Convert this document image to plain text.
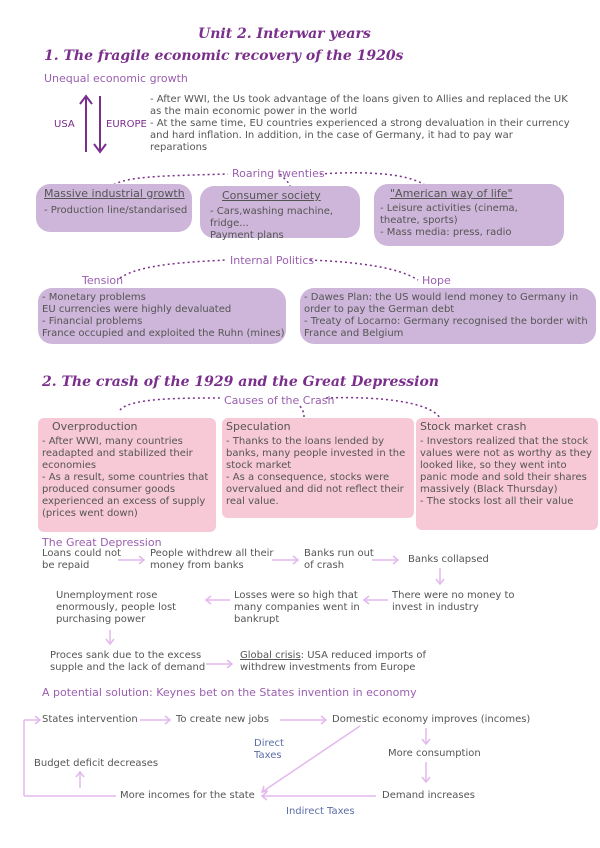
Unit 2. Interwar years
1. The fragile economic recovery of the 1920s
Unequal economic growth
USA	EUROPE
- After WWI, the Us took advantage of the loans given to Allies and replaced the UK as the main economic power in the world
- At the same time, EU countries experienced a strong devaluation in their currency and hard inflation. In addition, in the case of Germany, it had to pay war reparations
Roaring twenties
Massive industrial growth
- Production line/standarised
Consumer society
- Cars,washing machine, fridge...
Payment plans
"American way of life"
- Leisure activities (cinema, theatre, sports)
- Mass media: press, radio
Internal Politics
Tension	Hope
- Monetary problems
EU currencies were highly devaluated
- Financial problems
France occupied and exploited the Ruhn (mines)
- Dawes Plan: the US would lend money to Germany in order to pay the German debt
- Treaty of Locarno: Germany recognised the border with France and Belgium
2. The crash of the 1929 and the Great Depression
Causes of the Crash
Overproduction
- After WWI, many countries readapted and stabilized their economies
- As a result, some countries that produced consumer goods experienced an excess of supply (prices went down)
Speculation
- Thanks to the loans lended by banks, many people invested in the stock market
- As a consequence, stocks were overvalued and did not reflect their real value.
Stock market crash
- Investors realized that the stock values were not as worthy as they looked like, so they went into panic mode and sold their shares massively (Black Thursday)
- The stocks lost all their value
The Great Depression
Loans could not be repaid
People withdrew all their money from banks
Banks run out of crash
Banks collapsed
There were no money to invest in industry
Losses were so high that many companies went in bankrupt
Unemployment rose enormously, people lost purchasing power
Proces sank due to the excess supple and the lack of demand
Global crisis: USA reduced imports of withdrew investments from Europe
A potential solution: Keynes bet on the States invention in economy
States intervention	To create new jobs	Domestic economy improves (incomes)
More consumption
Demand increases
More incomes for the state
Budget deficit decreases
Direct Taxes
Indirect Taxes
